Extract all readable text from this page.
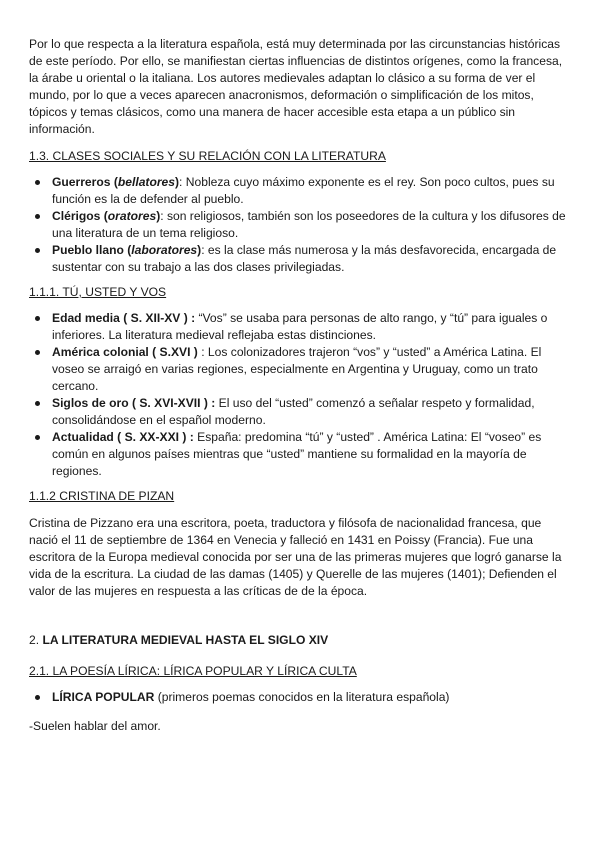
Por lo que respecta a la literatura española, está muy determinada por las circunstancias históricas de este período. Por ello, se manifiestan ciertas influencias de distintos orígenes, como la francesa, la árabe u oriental o la italiana. Los autores medievales adaptan lo clásico a su forma de ver el mundo, por lo que a veces aparecen anacronismos, deformación o simplificación de los mitos, tópicos y temas clásicos, como una manera de hacer accesible esta etapa a un público sin información.

1.3. CLASES SOCIALES Y SU RELACIÓN CON LA LITERATURA

Guerreros (bellatores): Nobleza cuyo máximo exponente es el rey. Son poco cultos, pues su función es la de defender al pueblo.
Clérigos (oratores): son religiosos, también son los poseedores de la cultura y los difusores de una literatura de un tema religioso.
Pueblo llano (laboratores): es la clase más numerosa y la más desfavorecida, encargada de sustentar con su trabajo a las dos clases privilegiadas.

1.1.1. TÚ, USTED Y VOS

Edad media ( S. XII-XV ) : “Vos” se usaba para personas de alto rango, y “tú” para iguales o inferiores. La literatura medieval reflejaba estas distinciones.
América colonial ( S.XVI ) : Los colonizadores trajeron “vos” y “usted” a América Latina. El voseo se arraigó en varias regiones, especialmente en Argentina y Uruguay, como un trato cercano.
Siglos de oro ( S. XVI-XVII ) : El uso del “usted” comenzó a señalar respeto y formalidad, consolidándose en el español moderno.
Actualidad ( S. XX-XXI ) : España: predomina “tú” y “usted” . América Latina: El “voseo” es común en algunos países mientras que “usted” mantiene su formalidad en la mayoría de regiones.

1.1.2 CRISTINA DE PIZAN

Cristina de Pizzano era una escritora, poeta, traductora y filósofa de nacionalidad francesa, que nació el 11 de septiembre de 1364 en Venecia y falleció en 1431 en Poissy (Francia). Fue una escritora de la Europa medieval conocida por ser una de las primeras mujeres que logró ganarse la vida de la escritura. La ciudad de las damas (1405) y Querelle de las mujeres (1401); Defienden el valor de las mujeres en respuesta a las críticas de de la época.

2. LA LITERATURA MEDIEVAL HASTA EL SIGLO XIV

2.1. LA POESÍA LÍRICA: LÍRICA POPULAR Y LÍRICA CULTA

LÍRICA POPULAR (primeros poemas conocidos en la literatura española)

-Suelen hablar del amor.
